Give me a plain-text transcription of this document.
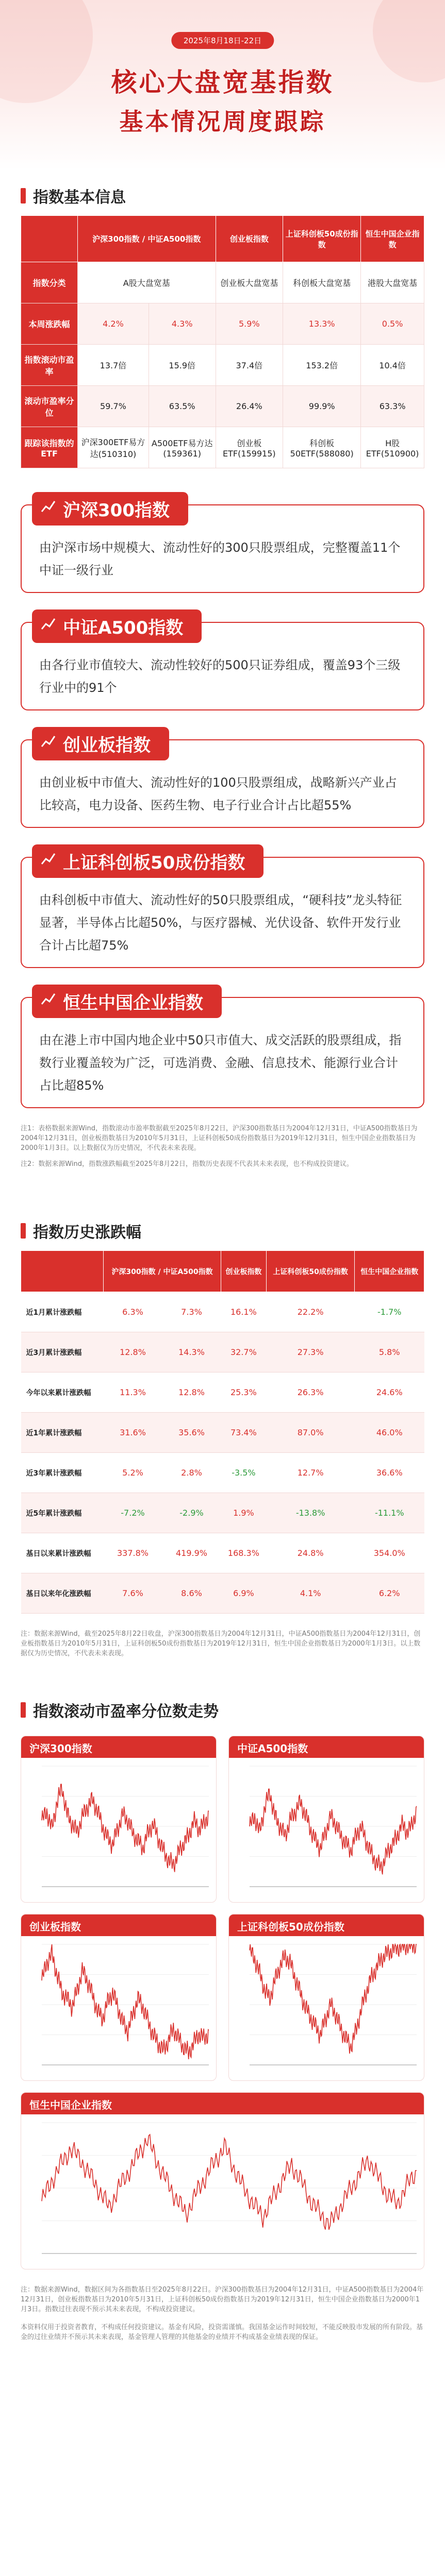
2025年8月18日-22日
核心大盘宽基指数
基本情况周度跟踪
指数基本信息
	沪深300指数 / 中证A500指数		创业板指数	上证科创板50成份指数	恒生中国企业指数
指数分类	A股大盘宽基		创业板大盘宽基	科创板大盘宽基	港股大盘宽基
本周涨跌幅	4.2%	4.3%	5.9%	13.3%	0.5%
指数滚动市盈率	13.7倍	15.9倍	37.4倍	153.2倍	10.4倍
滚动市盈率分位	59.7%	63.5%	26.4%	99.9%	63.3%
跟踪该指数的ETF	沪深300ETF易方达(510310)	A500ETF易方达(159361)	创业板ETF(159915)	科创板50ETF(588080)	H股ETF(510900)
沪深300指数
由沪深市场中规模大、流动性好的300只股票组成，完整覆盖11个中证一级行业
中证A500指数
由各行业市值较大、流动性较好的500只证券组成，覆盖93个三级行业中的91个
创业板指数
由创业板中市值大、流动性好的100只股票组成，战略新兴产业占比较高，电力设备、医药生物、电子行业合计占比超55%
上证科创板50成份指数
由科创板中市值大、流动性好的50只股票组成，“硬科技”龙头特征显著，半导体占比超50%，与医疗器械、光伏设备、软件开发行业合计占比超75%
恒生中国企业指数
由在港上市中国内地企业中50只市值大、成交活跃的股票组成，指数行业覆盖较为广泛，可选消费、金融、信息技术、能源行业合计占比超85%
注1：表格数据来源Wind，指数滚动市盈率数据截至2025年8月22日，沪深300指数基日为2004年12月31日，中证A500指数基日为2004年12月31日，创业板指数基日为2010年5月31日，上证科创板50成份指数基日为2019年12月31日，恒生中国企业指数基日为2000年1月3日。以上数据仅为历史情况，不代表未来表现。
注2：数据来源Wind，指数涨跌幅截至2025年8月22日，指数历史表现不代表其未来表现，也不构成投资建议。
指数历史涨跌幅
	沪深300指数 / 中证A500指数		创业板指数	上证科创板50成份指数	恒生中国企业指数
近1月累计涨跌幅	6.3%	7.3%	16.1%	22.2%	-1.7%
近3月累计涨跌幅	12.8%	14.3%	32.7%	27.3%	5.8%
今年以来累计涨跌幅	11.3%	12.8%	25.3%	26.3%	24.6%
近1年累计涨跌幅	31.6%	35.6%	73.4%	87.0%	46.0%
近3年累计涨跌幅	5.2%	2.8%	-3.5%	12.7%	36.6%
近5年累计涨跌幅	-7.2%	-2.9%	1.9%	-13.8%	-11.1%
基日以来累计涨跌幅	337.8%	419.9%	168.3%	24.8%	354.0%
基日以来年化涨跌幅	7.6%	8.6%	6.9%	4.1%	6.2%
注：数据来源Wind，截至2025年8月22日收盘，沪深300指数基日为2004年12月31日，中证A500指数基日为2004年12月31日，创业板指数基日为2010年5月31日，上证科创板50成份指数基日为2019年12月31日，恒生中国企业指数基日为2000年1月3日。以上数据仅为历史情况，不代表未来表现。
指数滚动市盈率分位数走势
沪深300指数	中证A500指数
创业板指数	上证科创板50成份指数
恒生中国企业指数
注：数据来源Wind，数据区间为各指数基日至2025年8月22日。沪深300指数基日为2004年12月31日，中证A500指数基日为2004年12月31日，创业板指数基日为2010年5月31日，上证科创板50成份指数基日为2019年12月31日，恒生中国企业指数基日为2000年1月3日。指数过往表现不预示其未来表现，不构成投资建议。
本资料仅用于投资者教育，不构成任何投资建议。基金有风险，投资需谨慎。我国基金运作时间较短，不能反映股市发展的所有阶段。基金的过往业绩并不预示其未来表现，基金管理人管理的其他基金的业绩并不构成基金业绩表现的保证。
